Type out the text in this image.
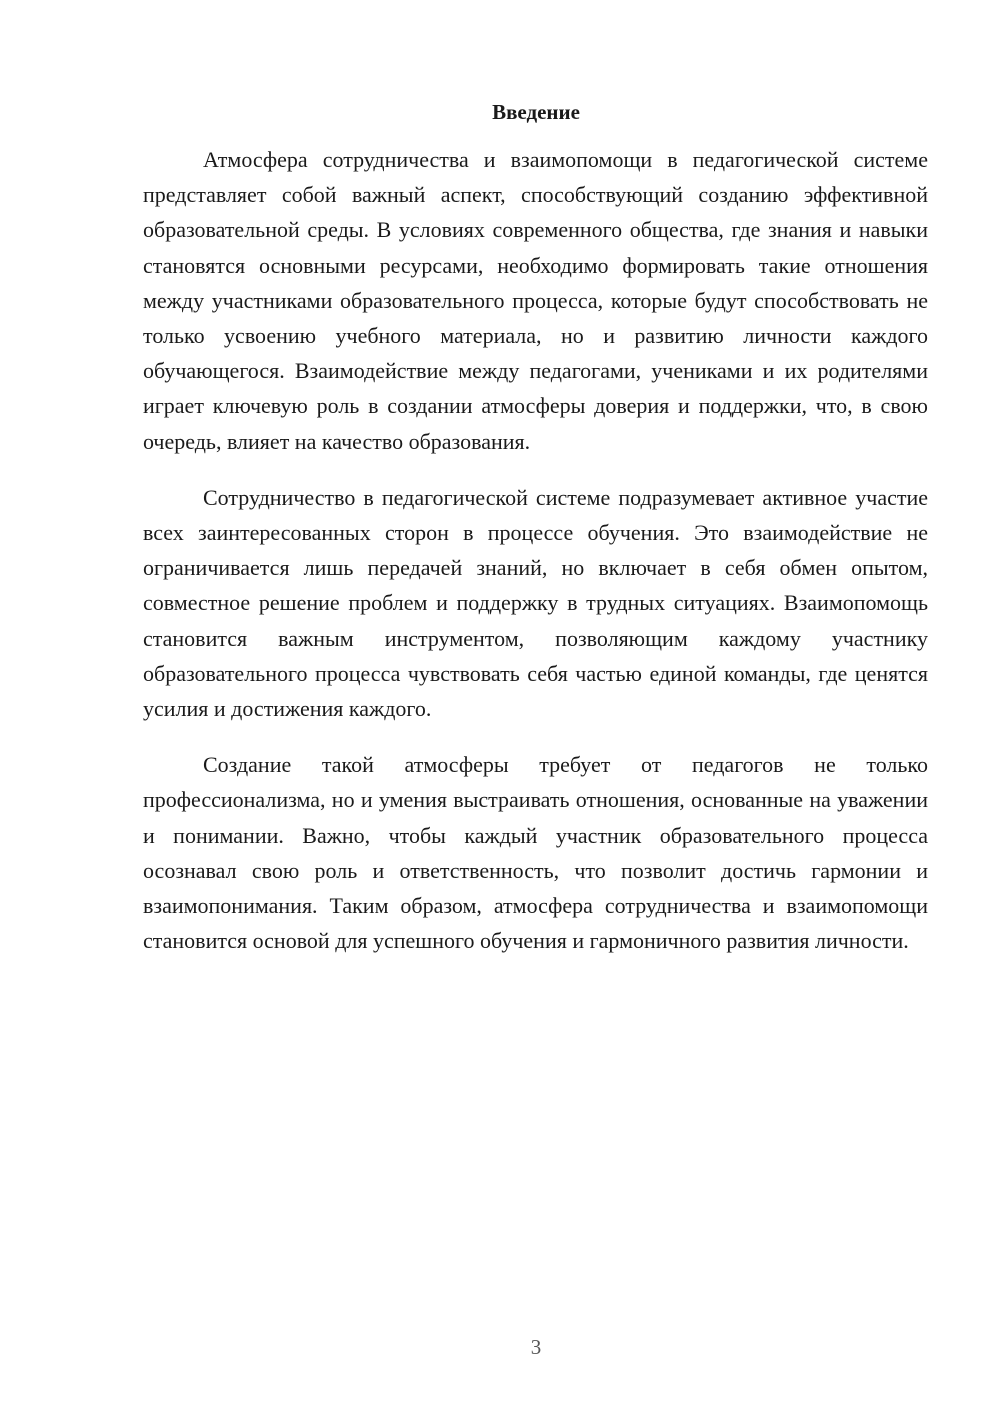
Введение

Атмосфера сотрудничества и взаимопомощи в педагогической системе представляет собой важный аспект, способствующий созданию эффективной образовательной среды. В условиях современного общества, где знания и навыки становятся основными ресурсами, необходимо формировать такие отношения между участниками образовательного процесса, которые будут способствовать не только усвоению учебного материала, но и развитию личности каждого обучающегося. Взаимодействие между педагогами, учениками и их родителями играет ключевую роль в создании атмосферы доверия и поддержки, что, в свою очередь, влияет на качество образования.

Сотрудничество в педагогической системе подразумевает активное участие всех заинтересованных сторон в процессе обучения. Это взаимодействие не ограничивается лишь передачей знаний, но включает в себя обмен опытом, совместное решение проблем и поддержку в трудных ситуациях. Взаимопомощь становится важным инструментом, позволяющим каждому участнику образовательного процесса чувствовать себя частью единой команды, где ценятся усилия и достижения каждого.

Создание такой атмосферы требует от педагогов не только профессионализма, но и умения выстраивать отношения, основанные на уважении и понимании. Важно, чтобы каждый участник образовательного процесса осознавал свою роль и ответственность, что позволит достичь гармонии и взаимопонимания. Таким образом, атмосфера сотрудничества и взаимопомощи становится основой для успешного обучения и гармоничного развития личности.

3
